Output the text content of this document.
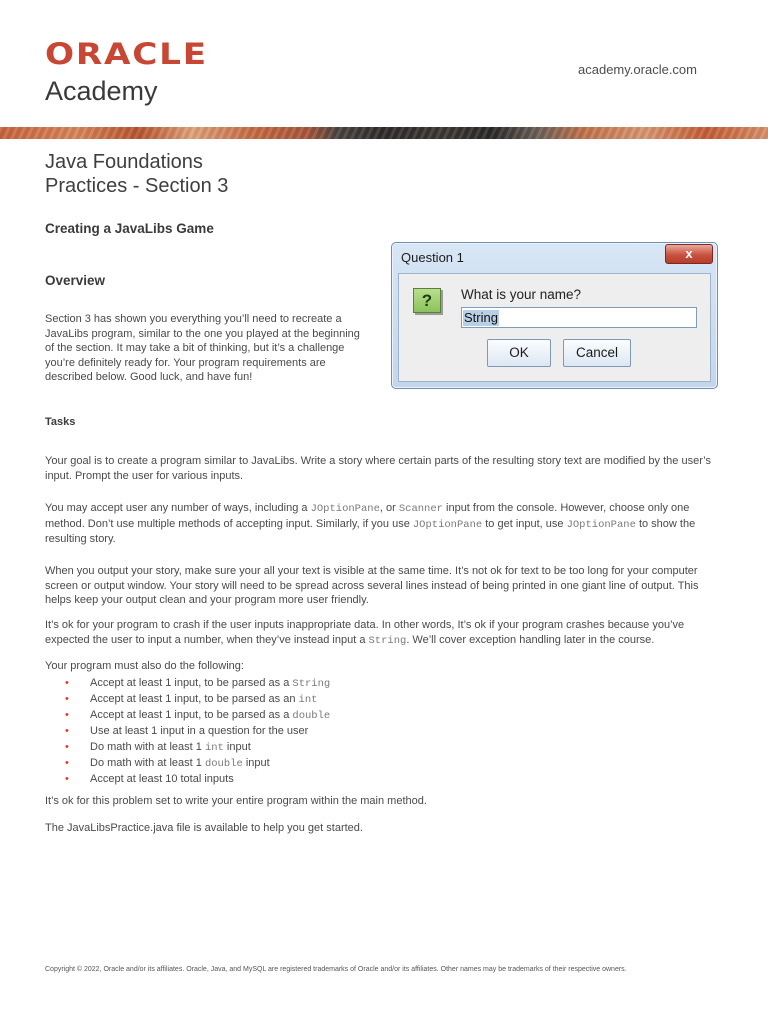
ORACLE
Academy
academy.oracle.com
Java Foundations
Practices - Section 3
Creating a JavaLibs Game
Overview

Section 3 has shown you everything you’ll need to recreate a JavaLibs program, similar to the one you played at the beginning of the section. It may take a bit of thinking, but it’s a challenge you’re definitely ready for. Your program requirements are described below. Good luck, and have fun!

Question 1	x
?	What is your name?
String
OK	Cancel
Tasks

Your goal is to create a program similar to JavaLibs. Write a story where certain parts of the resulting story text are modified by the user’s input. Prompt the user for various inputs.

You may accept user any number of ways, including a JOptionPane, or Scanner input from the console. However, choose only one method. Don’t use multiple methods of accepting input. Similarly, if you use JOptionPane to get input, use JOptionPane to show the resulting story.

When you output your story, make sure your all your text is visible at the same time. It’s not ok for text to be too long for your computer screen or output window. Your story will need to be spread across several lines instead of being printed in one giant line of output. This helps keep your output clean and your program more user friendly.

It’s ok for your program to crash if the user inputs inappropriate data. In other words, It’s ok if your program crashes because you’ve expected the user to input a number, when they’ve instead input a String. We’ll cover exception handling later in the course.

Your program must also do the following:

• Accept at least 1 input, to be parsed as a String
• Accept at least 1 input, to be parsed as an int
• Accept at least 1 input, to be parsed as a double
• Use at least 1 input in a question for the user
• Do math with at least 1 int input
• Do math with at least 1 double input
• Accept at least 10 total inputs

It’s ok for this problem set to write your entire program within the main method.

The JavaLibsPractice.java file is available to help you get started.

Copyright © 2022, Oracle and/or its affiliates. Oracle, Java, and MySQL are registered trademarks of Oracle and/or its affiliates. Other names may be trademarks of their respective owners.
